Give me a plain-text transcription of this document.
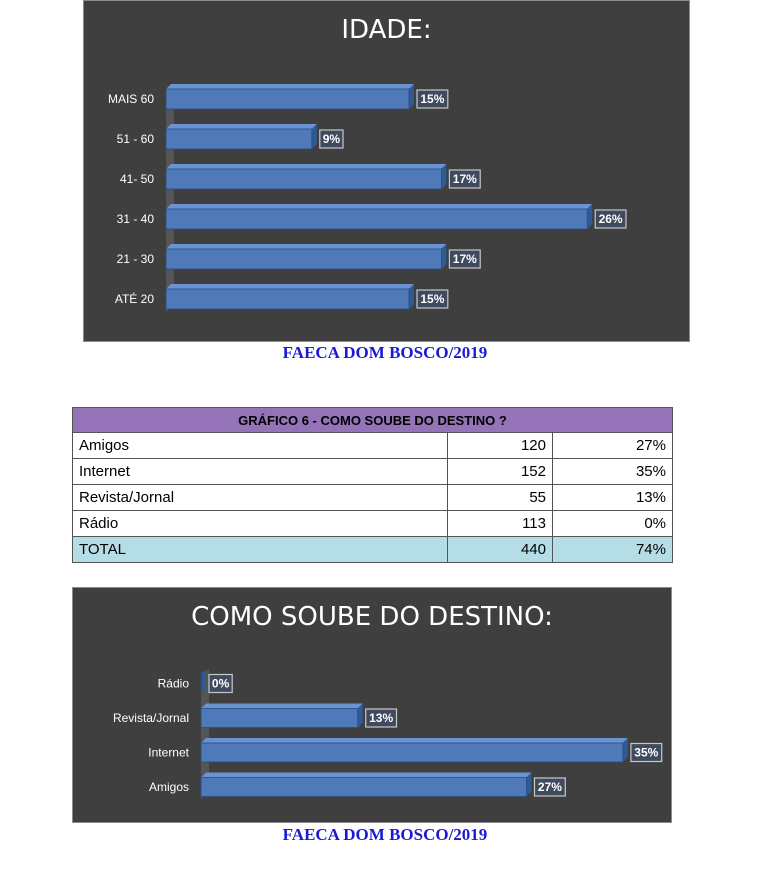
IDADE:
MAIS 60	15%
51 - 60	9%
41- 50	17%
31 - 40	26%
21 - 30	17%
ATÉ 20	15%
FAECA DOM BOSCO/2019
GRÁFICO 6 - COMO SOUBE DO DESTINO ?		
Amigos	120	27%
Internet	152	35%
Revista/Jornal	55	13%
Rádio	113	0%
TOTAL	440	74%
COMO SOUBE DO DESTINO:
Rádio 0%
Revista/Jornal	13%
Internet	35%
Amigos	27%
FAECA DOM BOSCO/2019
